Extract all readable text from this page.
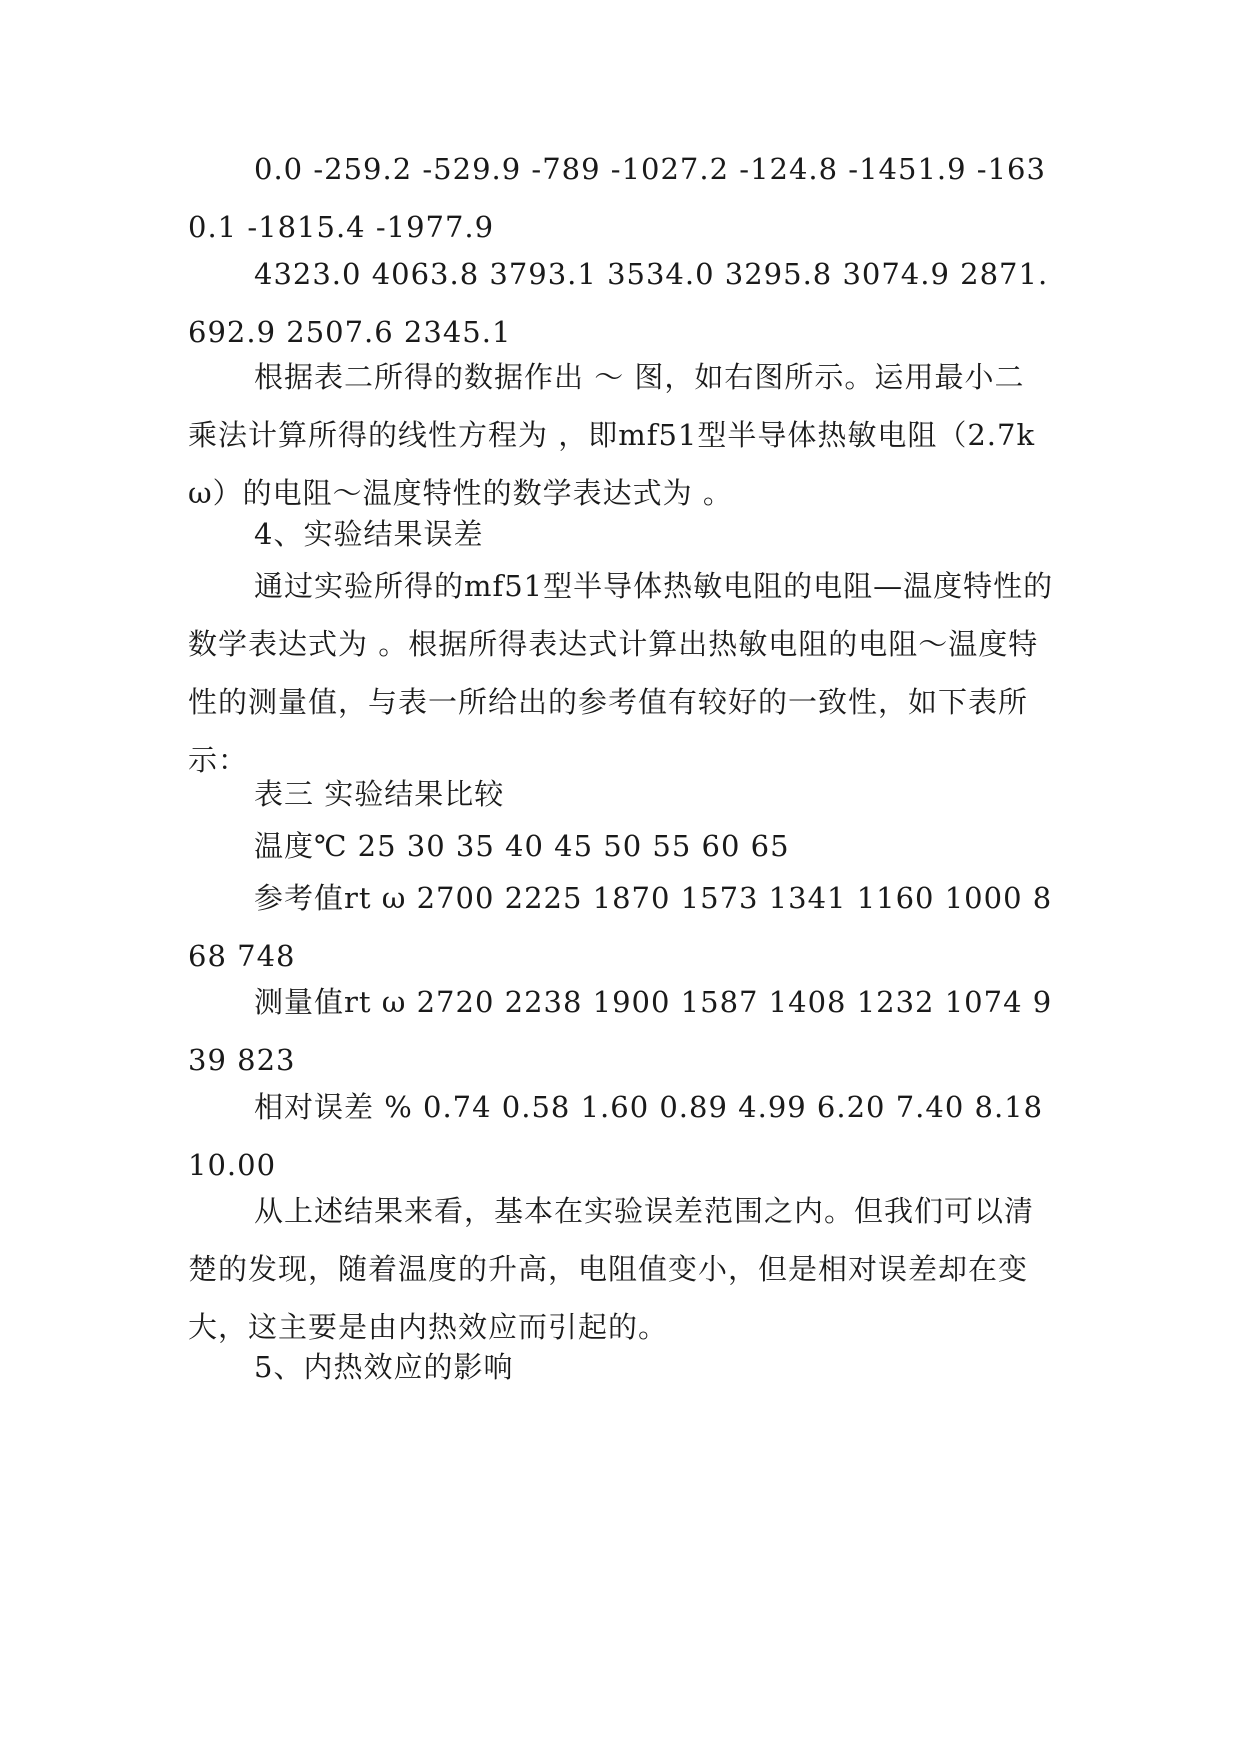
0.0 -259.2 -529.9 -789 -1027.2 -124.8 -1451.9 -1630.1 -1815.4 -1977.9

4323.0 4063.8 3793.1 3534.0 3295.8 3074.9 2871.692.9 2507.6 2345.1

根据表二所得的数据作出 ～ 图，如右图所示。运用最小二乘法计算所得的线性方程为 ，即mf51型半导体热敏电阻（2.7kω）的电阻～温度特性的数学表达式为 。

4、实验结果误差

通过实验所得的mf51型半导体热敏电阻的电阻—温度特性的数学表达式为 。根据所得表达式计算出热敏电阻的电阻～温度特性的测量值，与表一所给出的参考值有较好的一致性，如下表所示：

表三 实验结果比较

温度℃ 25 30 35 40 45 50 55 60 65

参考值rt ω 2700 2225 1870 1573 1341 1160 1000 868 748

测量值rt ω 2720 2238 1900 1587 1408 1232 1074 939 823

相对误差 % 0.74 0.58 1.60 0.89 4.99 6.20 7.40 8.18 10.00

从上述结果来看，基本在实验误差范围之内。但我们可以清楚的发现，随着温度的升高，电阻值变小，但是相对误差却在变大，这主要是由内热效应而引起的。

5、内热效应的影响
